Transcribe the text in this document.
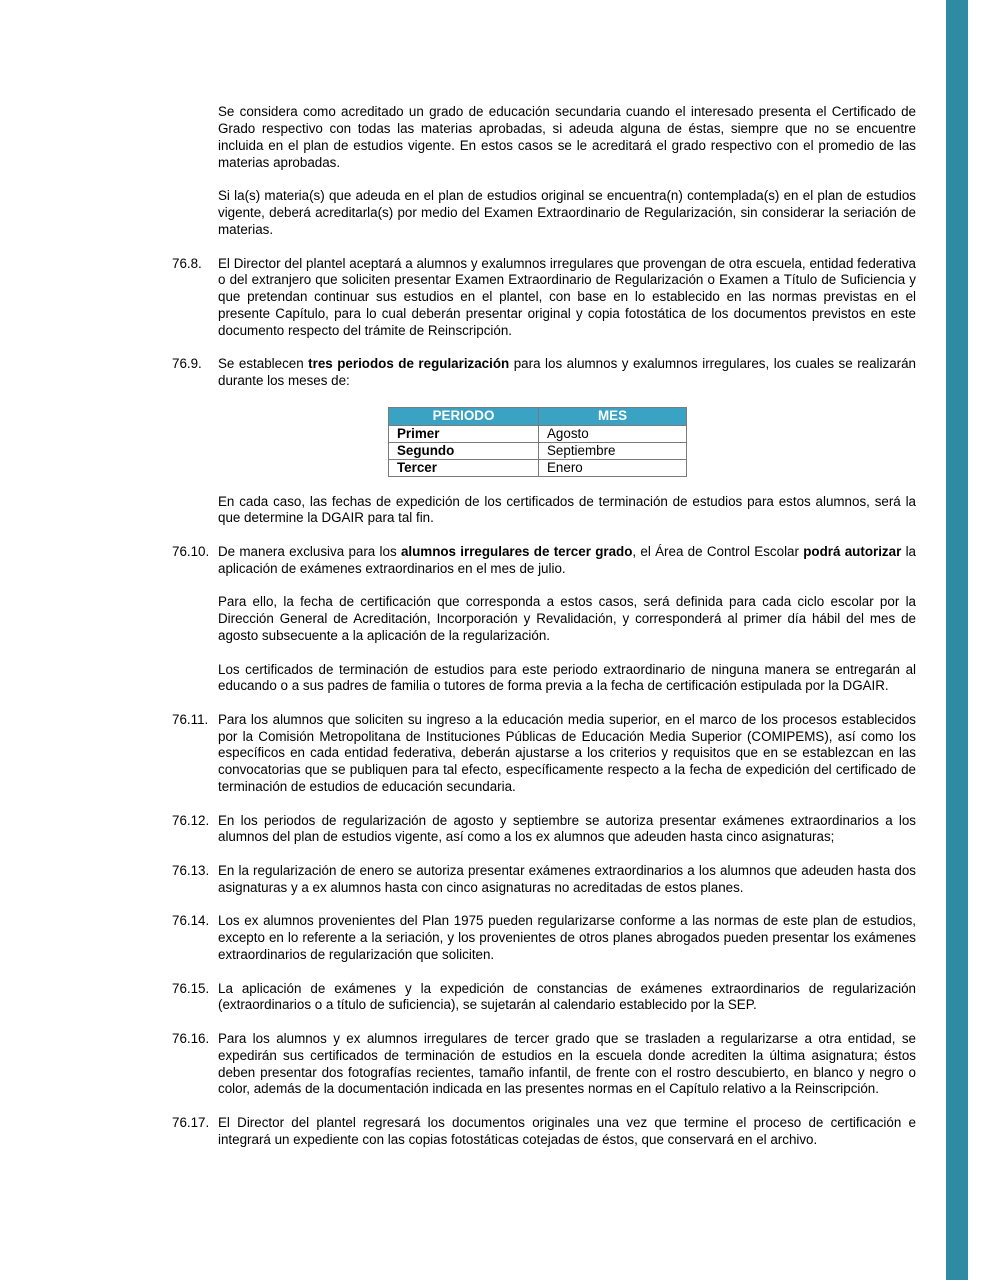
Se considera como acreditado un grado de educación secundaria cuando el interesado presenta el Certificado de Grado respectivo con todas las materias aprobadas, si adeuda alguna de éstas, siempre que no se encuentre incluida en el plan de estudios vigente. En estos casos se le acreditará el grado respectivo con el promedio de las materias aprobadas.

Si la(s) materia(s) que adeuda en el plan de estudios original se encuentra(n) contemplada(s) en el plan de estudios vigente, deberá acreditarla(s) por medio del Examen Extraordinario de Regularización, sin considerar la seriación de materias.

76.8. El Director del plantel aceptará a alumnos y exalumnos irregulares que provengan de otra escuela, entidad federativa o del extranjero que soliciten presentar Examen Extraordinario de Regularización o Examen a Título de Suficiencia y que pretendan continuar sus estudios en el plantel, con base en lo establecido en las normas previstas en el presente Capítulo, para lo cual deberán presentar original y copia fotostática de los documentos previstos en este documento respecto del trámite de Reinscripción.
76.9. Se establecen tres periodos de regularización para los alumnos y exalumnos irregulares, los cuales se realizarán durante los meses de:
PERIODO	MES
Primer	Agosto
Segundo	Septiembre
Tercer	Enero

En cada caso, las fechas de expedición de los certificados de terminación de estudios para estos alumnos, será la que determine la DGAIR para tal fin.

76.10. De manera exclusiva para los alumnos irregulares de tercer grado, el Área de Control Escolar podrá autorizar la aplicación de exámenes extraordinarios en el mes de julio.

Para ello, la fecha de certificación que corresponda a estos casos, será definida para cada ciclo escolar por la Dirección General de Acreditación, Incorporación y Revalidación, y corresponderá al primer día hábil del mes de agosto subsecuente a la aplicación de la regularización.

Los certificados de terminación de estudios para este periodo extraordinario de ninguna manera se entregarán al educando o a sus padres de familia o tutores de forma previa a la fecha de certificación estipulada por la DGAIR.

76.11. Para los alumnos que soliciten su ingreso a la educación media superior, en el marco de los procesos establecidos por la Comisión Metropolitana de Instituciones Públicas de Educación Media Superior (COMIPEMS), así como los específicos en cada entidad federativa, deberán ajustarse a los criterios y requisitos que en se establezcan en las convocatorias que se publiquen para tal efecto, específicamente respecto a la fecha de expedición del certificado de terminación de estudios de educación secundaria.
76.12. En los periodos de regularización de agosto y septiembre se autoriza presentar exámenes extraordinarios a los alumnos del plan de estudios vigente, así como a los ex alumnos que adeuden hasta cinco asignaturas;
76.13. En la regularización de enero se autoriza presentar exámenes extraordinarios a los alumnos que adeuden hasta dos asignaturas y a ex alumnos hasta con cinco asignaturas no acreditadas de estos planes.
76.14. Los ex alumnos provenientes del Plan 1975 pueden regularizarse conforme a las normas de este plan de estudios, excepto en lo referente a la seriación, y los provenientes de otros planes abrogados pueden presentar los exámenes extraordinarios de regularización que soliciten.
76.15. La aplicación de exámenes y la expedición de constancias de exámenes extraordinarios de regularización (extraordinarios o a título de suficiencia), se sujetarán al calendario establecido por la SEP.
76.16. Para los alumnos y ex alumnos irregulares de tercer grado que se trasladen a regularizarse a otra entidad, se expedirán sus certificados de terminación de estudios en la escuela donde acrediten la última asignatura; éstos deben presentar dos fotografías recientes, tamaño infantil, de frente con el rostro descubierto, en blanco y negro o color, además de la documentación indicada en las presentes normas en el Capítulo relativo a la Reinscripción.
76.17. El Director del plantel regresará los documentos originales una vez que termine el proceso de certificación e integrará un expediente con las copias fotostáticas cotejadas de éstos, que conservará en el archivo.
